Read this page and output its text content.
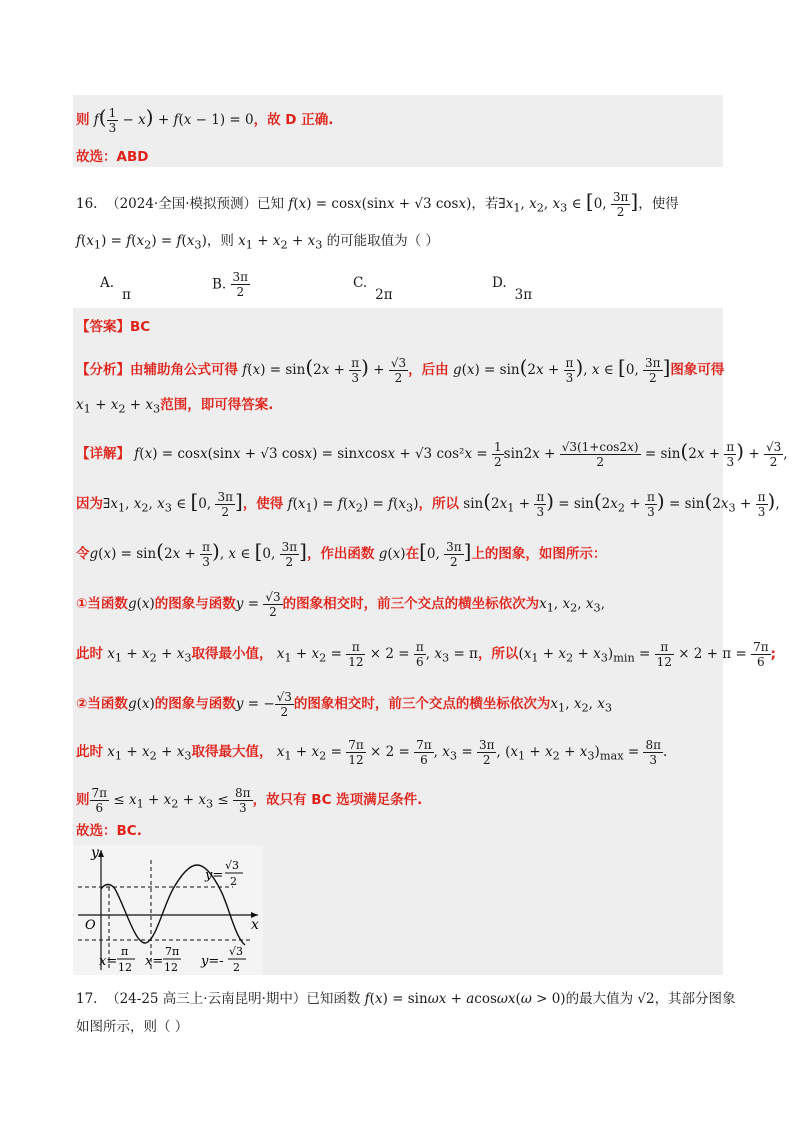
则 $f( \frac{1}{3} - x) + f(x - 1) = 0$，故 D 正确.
故选：ABD
16. （2024·全国·模拟预测）已知 f(x) = cosx(sinx + √3 cosx)，若$\exists x_1$, $x_2$, $x_3$ ∈ [0, $\frac{3\pi}{2}$ ]，使得
$f(x_1) = f(x_2) = f(x_3)$，则 $x_1 + x_2 + x_3$ 的可能取值为（ ）
A.π
B. $\frac{3\pi}{2}$	C.2π
D.3π
【答案】BC
【分析】由辅助角公式可得 $f(x) = \sin(2x + \frac{\pi}{3}$ ) + $\frac{√3}{2}$ ，后由 $g(x) = \sin(2x + \frac{\pi}{3}$ ), x ∈ [0, $\frac{3\pi}{2}$ ]图象可得
$x_1 + x_2 + x_3$范围，即可得答案.
【详解】 f(x) = cosx(sinx + √3 cosx) = sinxcosx + √3 $\cos^2x = \frac{1}{2} \sin 2x + \frac{√3(1+\cos 2x)}{2} = \sin(2x + \frac{\pi}{3}$ ) + $\frac{√3}{2}$ ,
因为$\exists x_1$, $x_2$, $x_3$ ∈ [0, $\frac{3\pi}{2}$ ]，使得 $f(x_1) = f(x_2) = f(x_3)$，所以 $\sin(2x_1 + \frac{\pi}{3}$ ) = $\sin(2x_2 + \frac{\pi}{3}$ ) = $\sin(2x_3 + \frac{\pi}{3}$ ),
令$g(x) = \sin(2x + \frac{\pi}{3}$ ), x ∈ [0, $\frac{3\pi}{2}$ ]，作出函数 g(x)在[0, $\frac{3\pi}{2}$ ]上的图象，如图所示：
①当函数g(x)的图象与函数$y = \frac{√3}{2}$ 的图象相交时，前三个交点的横坐标依次为$x_1$, $x_2$, $x_3$,
此时 $x_1 + x_2 + x_3$取得最小值， $x_1 + x_2 = \frac{\pi}{12} \times 2 = \frac{\pi}{6}$ , $x_3 = \pi$，所以$(x_1 + x_2 + x_3)_{min} = \frac{\pi}{12} \times 2 + \pi = \frac{7\pi}{6}$ ;
②当函数g(x)的图象与函数y = − $\frac{√3}{2}$ 的图象相交时，前三个交点的横坐标依次为$x_1$, $x_2$, $x_3$
此时 $x_1 + x_2 + x_3$取得最大值， $x_1 + x_2 = \frac{7\pi}{12} \times 2 = \frac{7\pi}{6}$ , $x_3 = \frac{3\pi}{2}$ , $(x_1 + x_2 + x_3)_{max} = \frac{8\pi}{3}$ .
则 $\frac{7\pi}{6} \le x_1 + x_2 + x_3 \le \frac{8\pi}{3}$ ，故只有 BC 选项满足条件.
故选：BC.
y
x
O
y=
√3
2
x=
π
12 x=
7π
12 y=-
√3
2
17. （24-25 高三上·云南昆明·期中）已知函数 f(x) = sinωx + acosωx(ω > 0)的最大值为 √2，其部分图象
如图所示，则（ ）
